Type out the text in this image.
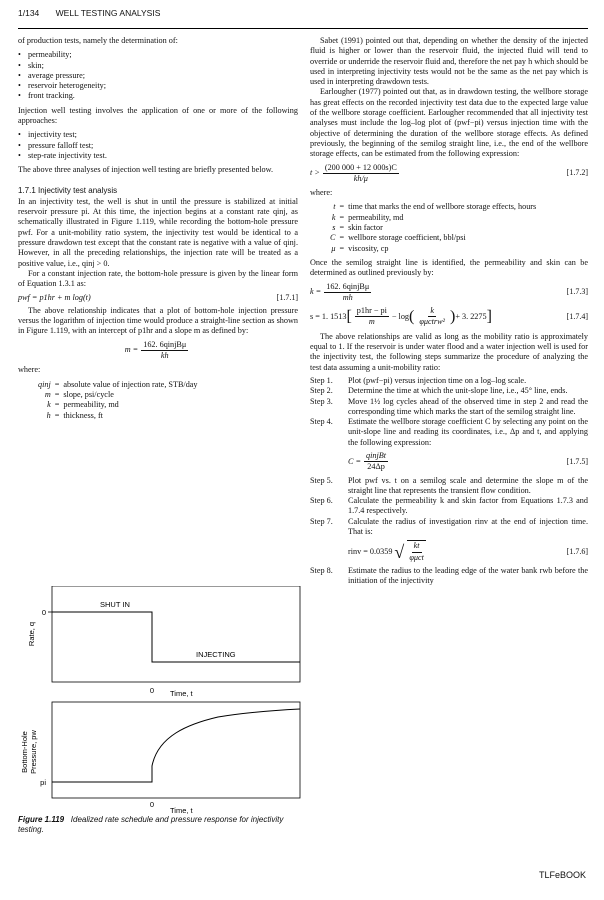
1/134 WELL TESTING ANALYSIS

of production tests, namely the determination of:

• permeability;
• skin;
• average pressure;
• reservoir heterogeneity;
• front tracking.

Injection well testing involves the application of one or more of the following approaches:

• injectivity test;
• pressure falloff test;
• step-rate injectivity test.

The above three analyses of injection well testing are briefly presented below.

1.7.1 Injectivity test analysis

In an injectivity test, the well is shut in until the pressure is stabilized at initial reservoir pressure pi. At this time, the injection begins at a constant rate qinj, as schematically illustrated in Figure 1.119, while recording the bottom-hole pressure pwf. For a unit-mobility ratio system, the injectivity test would be identical to a pressure drawdown test except that the constant rate is negative with a value of qinj. However, in all the preceding relationships, the injection rate will be treated as a positive value, i.e., qinj > 0.

For a constant injection rate, the bottom-hole pressure is given by the linear form of Equation 1.3.1 as:

pwf = p1hr + m log(t)	[1.7.1]

The above relationship indicates that a plot of bottom-hole injection pressure versus the logarithm of injection time would produce a straight-line section as shown in Figure 1.119, with an intercept of p1hr and a slope m as defined by:

$m = \frac{\text{162. 6qinjBμ}}{kh}$

where:

qinj	=	absolute value of injection rate, STB/day
m	=	slope, psi/cycle
k	=	permeability, md
h	=	thickness, ft
SHUT IN
INJECTING
0
Rate, q
0 Time, t
Bottom-Hole Pressure, pw
pi
0
Time, t
Figure 1.119 Idealized rate schedule and pressure response for injectivity testing.

Sabet (1991) pointed out that, depending on whether the density of the injected fluid is higher or lower than the reservoir fluid, the injected fluid will tend to override or underride the reservoir fluid and, therefore the net pay h which should be used in interpreting injectivity tests would not be the same as the net pay which is used in interpreting drawdown tests.

Earlougher (1977) pointed out that, as in drawdown testing, the wellbore storage has great effects on the recorded injectivity test data due to the expected large value of the wellbore storage coefficient. Earlougher recommended that all injectivity test analyses must include the log–log plot of (pwf−pi) versus injection time with the objective of determining the duration of the wellbore storage effects. As defined previously, the beginning of the semilog straight line, i.e., the end of the wellbore storage effects, can be estimated from the following expression:

$t > \frac{(200 000 + 12 000s)C}{kh/\mu}$	[1.7.2]

where:

t	=	time that marks the end of wellbore storage effects, hours
k	=	permeability, md
s	=	skin factor
C	=	wellbore storage coefficient, bbl/psi
μ	=	viscosity, cp

Once the semilog straight line is identified, the permeability and skin can be determined as outlined previously by:

$k = \frac{\text{162. 6qinjBμ}}{mh}$	[1.7.3]
s = 1. 1513 [ $\frac{p1hr - pi}{m} - \log$ ( $\frac{k}{\text{φμctrw²}}$ ) + 3. 2275 ]	[1.7.4]

The above relationships are valid as long as the mobility ratio is approximately equal to 1. If the reservoir is under water flood and a water injection well is used for the injectivity test, the following steps summarize the procedure of analyzing the test data assuming a unit-mobility ratio:

Step 1.	Plot (pwf−pi) versus injection time on a log–log scale.
Step 2.	Determine the time at which the unit-slope line, i.e., 45° line, ends.
Step 3.	Move 1½ log cycles ahead of the observed time in step 2 and read the corresponding time which marks the start of the semilog straight line.
Step 4.	Estimate the wellbore storage coefficient C by selecting any point on the unit-slope line and reading its coordinates, i.e., Δp and t, and applying the following expression:
$C = \frac{\text{qinjBt}}{24\Delta p}$	[1.7.5]
Step 5.	Plot pwf vs. t on a semilog scale and determine the slope m of the straight line that represents the transient flow condition.
Step 6.	Calculate the permeability k and skin factor from Equations 1.7.3 and 1.7.4 respectively.
Step 7.	Calculate the radius of investigation rinv at the end of injection time. That is:
rinv = 0.0359 √ $\frac{kt}{\text{φμct}}$	[1.7.6]
Step 8.	Estimate the radius to the leading edge of the water bank rwb before the initiation of the injectivity
TLFeBOOK
